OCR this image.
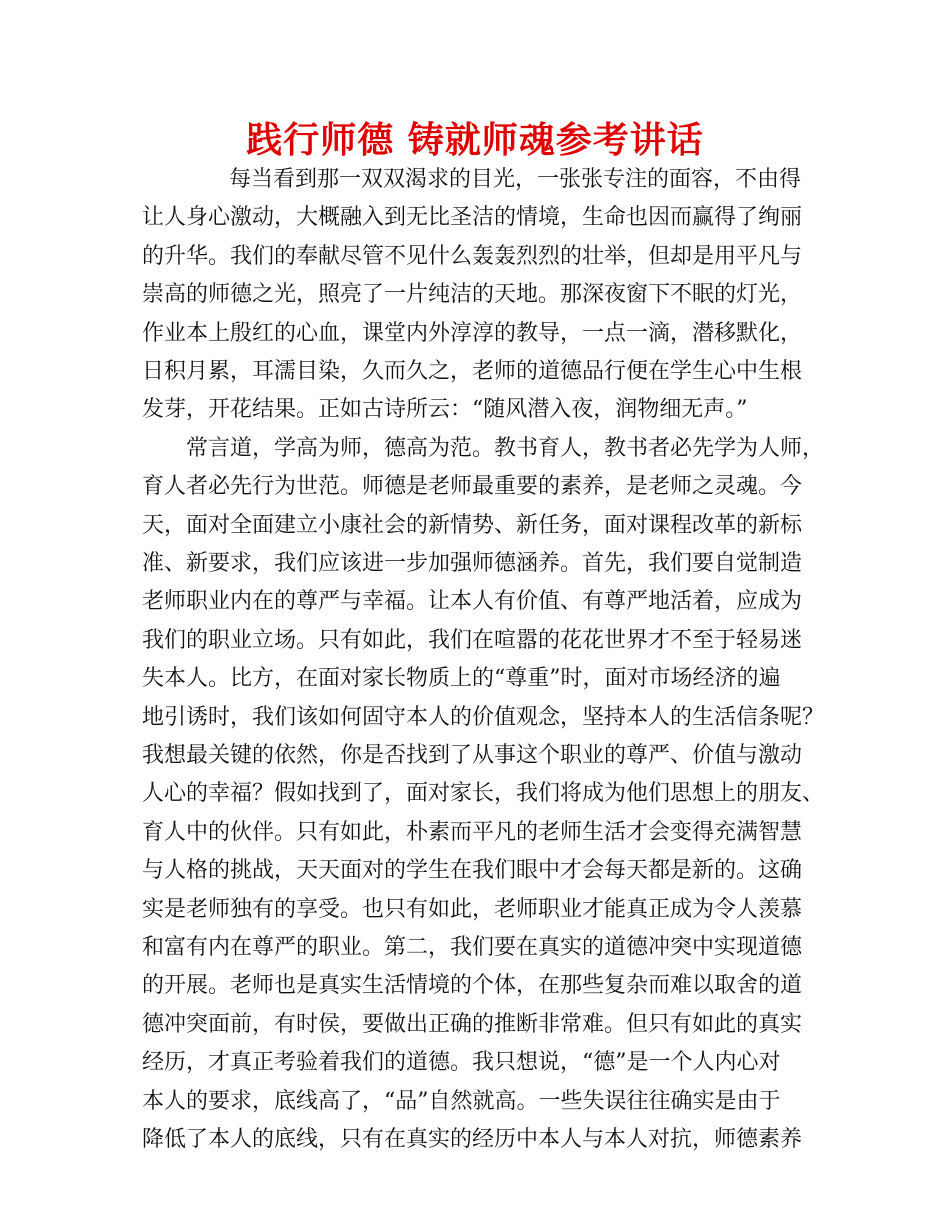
践行师德 铸就师魂参考讲话
每当看到那一双双渴求的目光，一张张专注的面容，不由得
让人身心激动，大概融入到无比圣洁的情境，生命也因而赢得了绚丽
的升华。我们的奉献尽管不见什么轰轰烈烈的壮举，但却是用平凡与
崇高的师德之光，照亮了一片纯洁的天地。那深夜窗下不眠的灯光，
作业本上殷红的心血，课堂内外淳淳的教导，一点一滴，潜移默化，
日积月累，耳濡目染，久而久之，老师的道德品行便在学生心中生根
发芽，开花结果。正如古诗所云：“随风潜入夜，润物细无声。”
常言道，学高为师，德高为范。教书育人，教书者必先学为人师，
育人者必先行为世范。师德是老师最重要的素养，是老师之灵魂。今
天，面对全面建立小康社会的新情势、新任务，面对课程改革的新标
准、新要求，我们应该进一步加强师德涵养。首先，我们要自觉制造
老师职业内在的尊严与幸福。让本人有价值、有尊严地活着，应成为
我们的职业立场。只有如此，我们在喧嚣的花花世界才不至于轻易迷
失本人。比方，在面对家长物质上的“尊重”时，面对市场经济的遍
地引诱时，我们该如何固守本人的价值观念，坚持本人的生活信条呢？
我想最关键的依然，你是否找到了从事这个职业的尊严、价值与激动
人心的幸福？假如找到了，面对家长，我们将成为他们思想上的朋友、
育人中的伙伴。只有如此，朴素而平凡的老师生活才会变得充满智慧
与人格的挑战，天天面对的学生在我们眼中才会每天都是新的。这确
实是老师独有的享受。也只有如此，老师职业才能真正成为令人羡慕
和富有内在尊严的职业。第二，我们要在真实的道德冲突中实现道德
的开展。老师也是真实生活情境的个体，在那些复杂而难以取舍的道
德冲突面前，有时侯，要做出正确的推断非常难。但只有如此的真实
经历，才真正考验着我们的道德。我只想说，“德”是一个人内心对
本人的要求，底线高了，“品”自然就高。一些失误往往确实是由于
降低了本人的底线，只有在真实的经历中本人与本人对抗，师德素养
